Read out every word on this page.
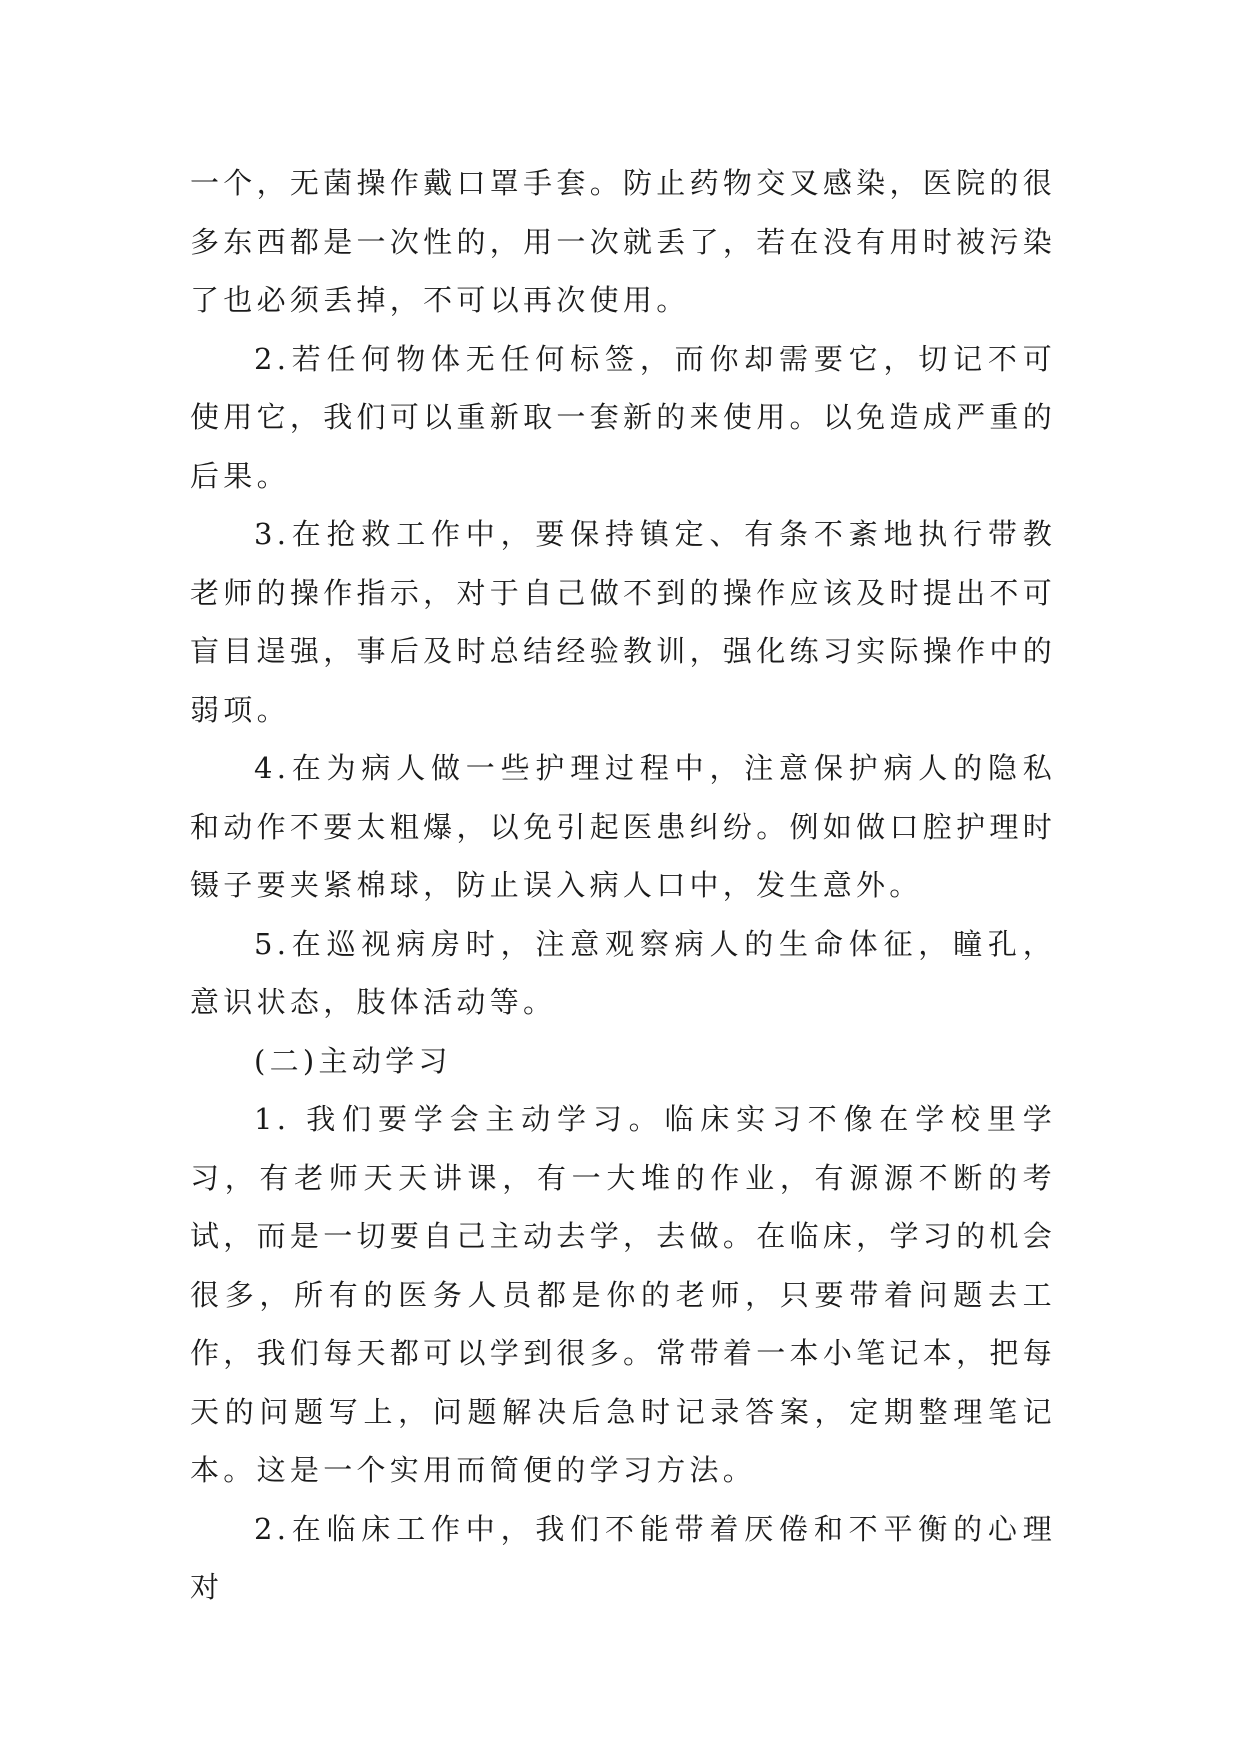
一个，无菌操作戴口罩手套。防止药物交叉感染，医院的很多东西都是一次性的，用一次就丢了，若在没有用时被污染了也必须丢掉，不可以再次使用。

2.若任何物体无任何标签，而你却需要它，切记不可使用它，我们可以重新取一套新的来使用。以免造成严重的后果。

3.在抢救工作中，要保持镇定、有条不紊地执行带教老师的操作指示，对于自己做不到的操作应该及时提出不可盲目逞强，事后及时总结经验教训，强化练习实际操作中的弱项。

4.在为病人做一些护理过程中，注意保护病人的隐私和动作不要太粗爆，以免引起医患纠纷。例如做口腔护理时镊子要夹紧棉球，防止误入病人口中，发生意外。

5.在巡视病房时，注意观察病人的生命体征，瞳孔，意识状态，肢体活动等。

(二)主动学习

1. 我们要学会主动学习。临床实习不像在学校里学习，有老师天天讲课，有一大堆的作业，有源源不断的考试，而是一切要自己主动去学，去做。在临床，学习的机会很多，所有的医务人员都是你的老师，只要带着问题去工作，我们每天都可以学到很多。常带着一本小笔记本，把每天的问题写上，问题解决后急时记录答案，定期整理笔记本。这是一个实用而简便的学习方法。

2.在临床工作中，我们不能带着厌倦和不平衡的心理对
